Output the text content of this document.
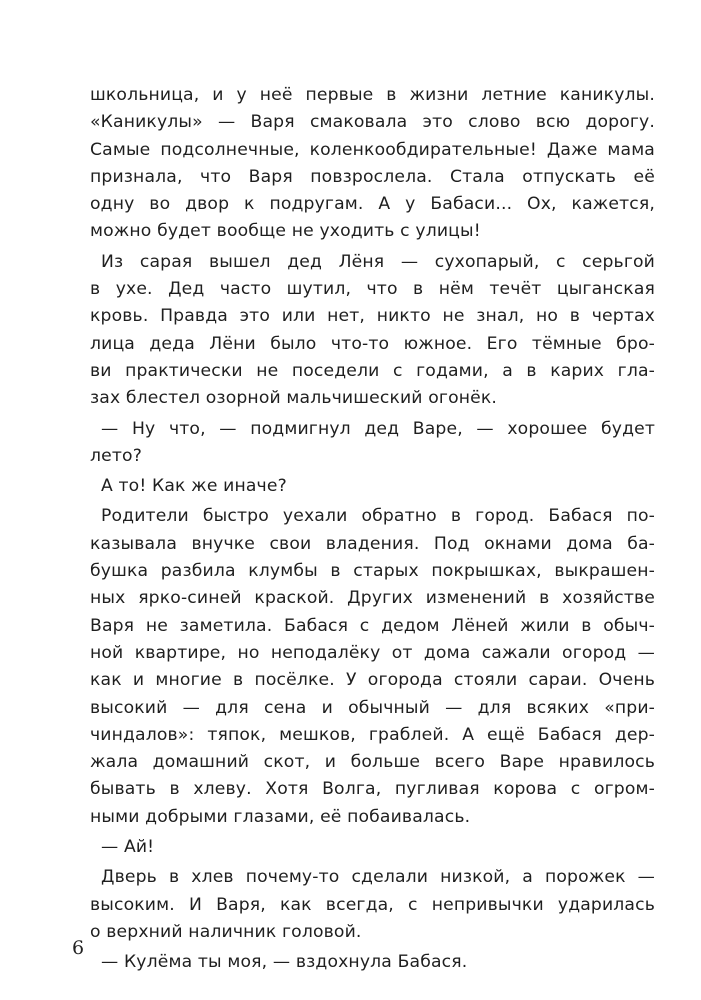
школьница, и у неё первые в жизни летние каникулы.
«Каникулы» — Варя смаковала это слово всю дорогу.
Самые подсолнечные, коленкообдирательные! Даже мама
признала, что Варя повзрослела. Стала отпускать её
одну во двор к подругам. А у Бабаси... Ох, кажется,
можно будет вообще не уходить с улицы!
Из сарая вышел дед Лёня — сухопарый, с серьгой
в ухе. Дед часто шутил, что в нём течёт цыганская
кровь. Правда это или нет, никто не знал, но в чертах
лица деда Лёни было что-то южное. Его тёмные бро-
ви практически не поседели с годами, а в карих гла-
зах блестел озорной мальчишеский огонёк.
— Ну что, — подмигнул дед Варе, — хорошее будет
лето?
А то! Как же иначе?
Родители быстро уехали обратно в город. Бабася по-
казывала внучке свои владения. Под окнами дома ба-
бушка разбила клумбы в старых покрышках, выкрашен-
ных ярко-синей краской. Других изменений в хозяйстве
Варя не заметила. Бабася с дедом Лёней жили в обыч-
ной квартире, но неподалёку от дома сажали огород —
как и многие в посёлке. У огорода стояли сараи. Очень
высокий — для сена и обычный — для всяких «при-
чиндалов»: тяпок, мешков, граблей. А ещё Бабася дер-
жала домашний скот, и больше всего Варе нравилось
бывать в хлеву. Хотя Волга, пугливая корова с огром-
ными добрыми глазами, её побаивалась.
— Ай!
Дверь в хлев почему-то сделали низкой, а порожек —
высоким. И Варя, как всегда, с непривычки ударилась
о верхний наличник головой.
— Кулёма ты моя, — вздохнула Бабася.
6
